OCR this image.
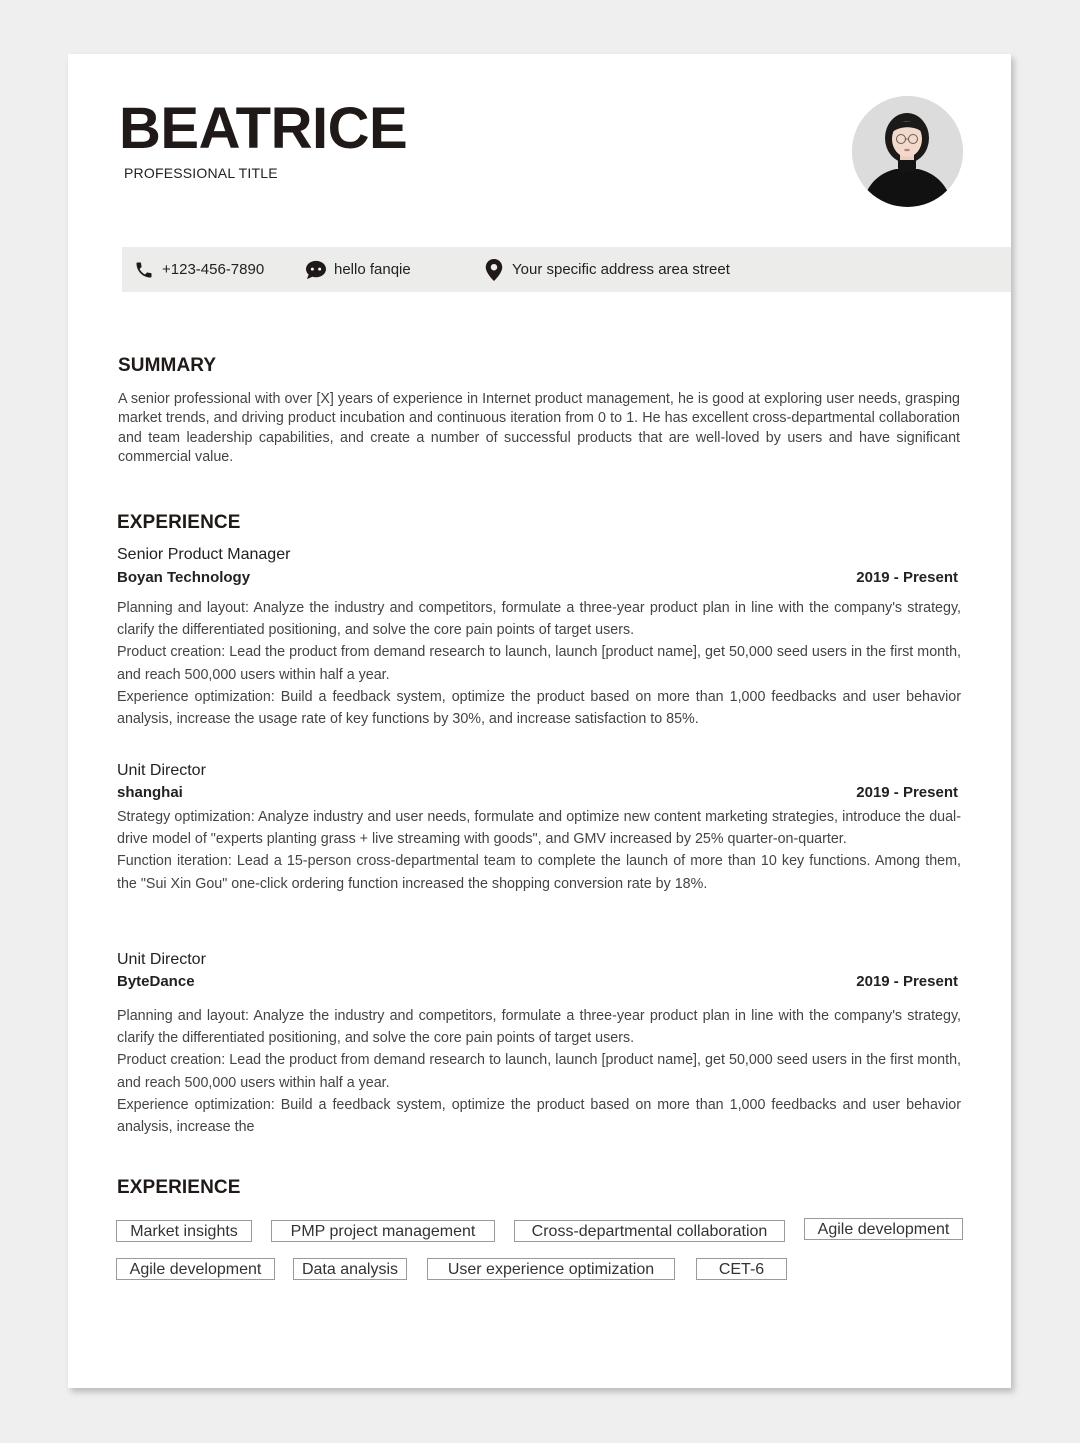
BEATRICE
PROFESSIONAL TITLE
+123-456-7890	hello fanqie	Your specific address area street
SUMMARY
A senior professional with over [X] years of experience in Internet product management, he is good at exploring user needs, grasping market trends, and driving product incubation and continuous iteration from 0 to 1. He has excellent cross-departmental collaboration and team leadership capabilities, and create a number of successful products that are well-loved by users and have significant commercial value.
EXPERIENCE
Senior Product Manager
Boyan Technology	2019 - Present

Planning and layout: Analyze the industry and competitors, formulate a three-year product plan in line with the company's strategy, clarify the differentiated positioning, and solve the core pain points of target users.

Product creation: Lead the product from demand research to launch, launch [product name], get 50,000 seed users in the first month, and reach 500,000 users within half a year.

Experience optimization: Build a feedback system, optimize the product based on more than 1,000 feedbacks and user behavior analysis, increase the usage rate of key functions by 30%, and increase satisfaction to 85%.

Unit Director
shanghai	2019 - Present

Strategy optimization: Analyze industry and user needs, formulate and optimize new content marketing strategies, introduce the dual-drive model of "experts planting grass + live streaming with goods", and GMV increased by 25% quarter-on-quarter.

Function iteration: Lead a 15-person cross-departmental team to complete the launch of more than 10 key functions. Among them, the "Sui Xin Gou" one-click ordering function increased the shopping conversion rate by 18%.

Unit Director
ByteDance	2019 - Present

Planning and layout: Analyze the industry and competitors, formulate a three-year product plan in line with the company's strategy, clarify the differentiated positioning, and solve the core pain points of target users.

Product creation: Lead the product from demand research to launch, launch [product name], get 50,000 seed users in the first month, and reach 500,000 users within half a year.

Experience optimization: Build a feedback system, optimize the product based on more than 1,000 feedbacks and user behavior analysis, increase the

EXPERIENCE
Market insights	PMP project management	Cross-departmental collaboration	Agile development
Agile development	Data analysis	User experience optimization	CET-6
